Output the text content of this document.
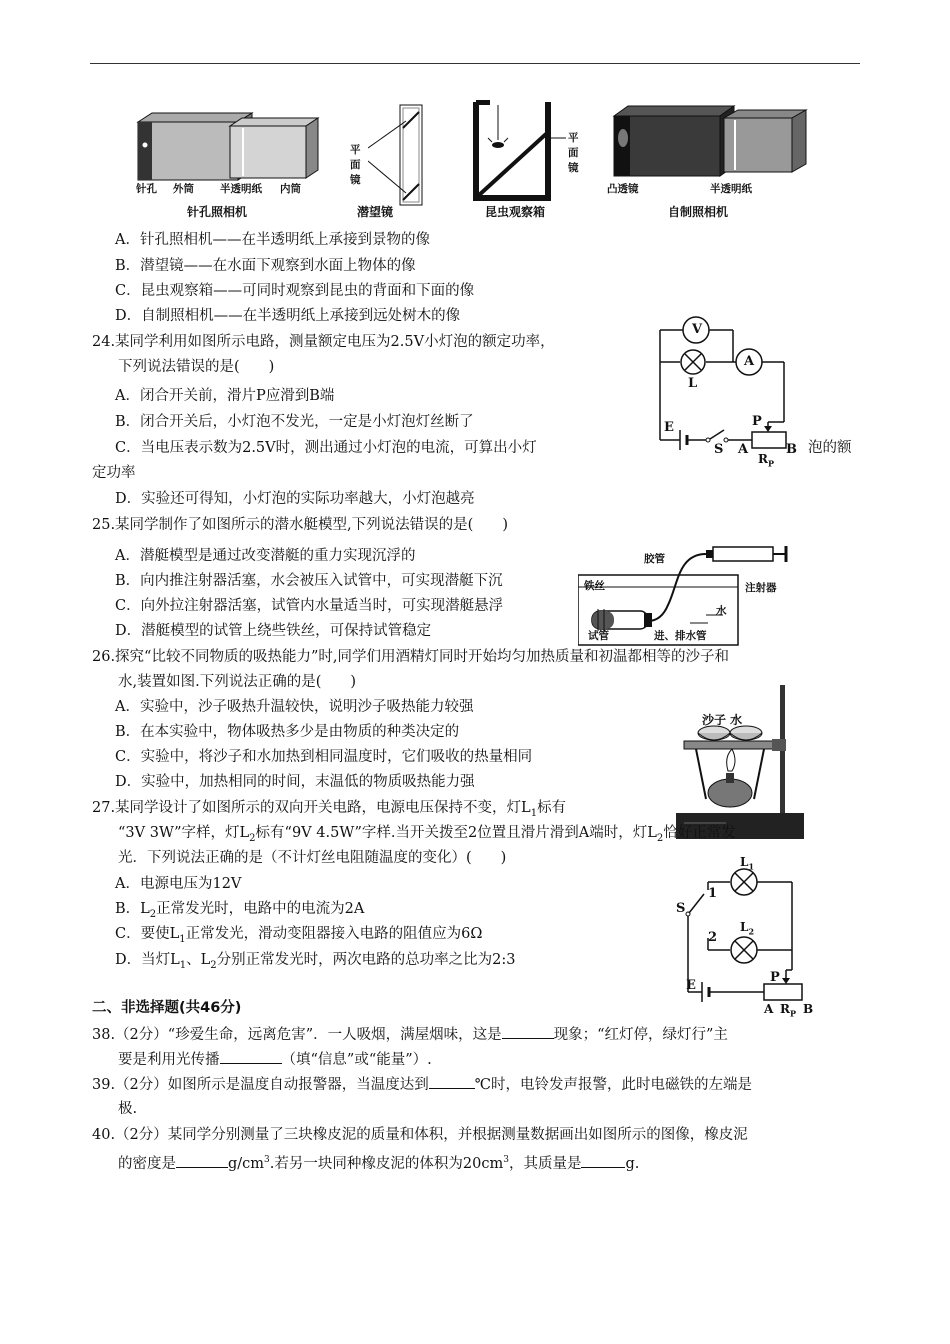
针孔 外筒 半透明纸 内筒
针孔照相机
平
面
镜
潜望镜
平
面
镜
昆虫观察箱
凸透镜	半透明纸
自制照相机
A．针孔照相机——在半透明纸上承接到景物的像
B．潜望镜——在水面下观察到水面上物体的像
C．昆虫观察箱——可同时观察到昆虫的背面和下面的像
D．自制照相机——在半透明纸上承接到远处树木的像
24.某同学利用如图所示电路，测量额定电压为2.5V小灯泡的额定功率，
下列说法错误的是(　　)
A．闭合开关前，滑片P应滑到B端
B．闭合开关后，小灯泡不发光，一定是小灯泡灯丝断了
C．当电压表示数为2.5V时，测出通过小灯泡的电流，可算出小灯	泡的额
定功率
D．实验还可得知，小灯泡的实际功率越大，小灯泡越亮
V
A
L
E
S
P
A	B
$R_P$
25.某同学制作了如图所示的潜水艇模型,下列说法错误的是(　　)
A．潜艇模型是通过改变潜艇的重力实现沉浮的
B．向内推注射器活塞，水会被压入试管中，可实现潜艇下沉
C．向外拉注射器活塞，试管内水量适当时，可实现潜艇悬浮
D．潜艇模型的试管上绕些铁丝，可保持试管稳定
胶管
铁丝	注射器
水
试管	进、排水管
26.探究“比较不同物质的吸热能力”时,同学们用酒精灯同时开始均匀加热质量和初温都相等的沙子和
水,装置如图.下列说法正确的是(　　)
A．实验中，沙子吸热升温较快，说明沙子吸热能力较强
B．在本实验中，物体吸热多少是由物质的种类决定的
C．实验中，将沙子和水加热到相同温度时，它们吸收的热量相同
D．实验中，加热相同的时间，末温低的物质吸热能力强
沙子 水
27.某同学设计了如图所示的双向开关电路，电源电压保持不变，灯$L_1$标有
“3V 3W”字样，灯$L_2$标有“9V 4.5W”字样.当开关拨至2位置且滑片滑到A端时，灯$L_2$恰好正常发
光．下列说法正确的是（不计灯丝电阻随温度的变化）(　　)
A．电源电压为12V
B．$L_2$正常发光时，电路中的电流为2A
C．要使$L_1$正常发光，滑动变阻器接入电路的阻值应为6Ω
D．当灯$L_1$、$L_2$分别正常发光时，两次电路的总功率之比为2:3
$L_1$
$L_2$
S
1
2
E
P
A $R_P$ B
二、非选择题(共46分)
38.（2分）“珍爱生命，远离危害”．一人吸烟，满屋烟味，这是	现象；“红灯停，绿灯行”主
要是利用光传播	（填“信息”或“能量”）.
39.（2分）如图所示是温度自动报警器，当温度达到	℃时，电铃发声报警，此时电磁铁的左端是
极.
40.（2分）某同学分别测量了三块橡皮泥的质量和体积，并根据测量数据画出如图所示的图像，橡皮泥
的密度是	$g/cm^3$.若另一块同种橡皮泥的体积为$20cm^3$，其质量是	g.
